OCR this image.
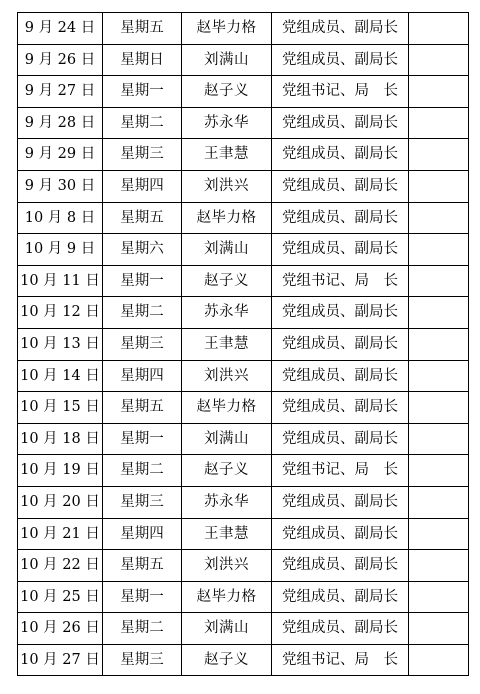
9 月 24 日	星期五	赵毕力格	党组成员、副局长	
9 月 26 日	星期日	刘满山	党组成员、副局长	
9 月 27 日	星期一	赵子义	党组书记、局　长	
9 月 28 日	星期二	苏永华	党组成员、副局长	
9 月 29 日	星期三	王聿慧	党组成员、副局长	
9 月 30 日	星期四	刘洪兴	党组成员、副局长	
10 月 8 日	星期五	赵毕力格	党组成员、副局长	
10 月 9 日	星期六	刘满山	党组成员、副局长	
10 月 11 日	星期一	赵子义	党组书记、局　长	
10 月 12 日	星期二	苏永华	党组成员、副局长	
10 月 13 日	星期三	王聿慧	党组成员、副局长	
10 月 14 日	星期四	刘洪兴	党组成员、副局长	
10 月 15 日	星期五	赵毕力格	党组成员、副局长	
10 月 18 日	星期一	刘满山	党组成员、副局长	
10 月 19 日	星期二	赵子义	党组书记、局　长	
10 月 20 日	星期三	苏永华	党组成员、副局长	
10 月 21 日	星期四	王聿慧	党组成员、副局长	
10 月 22 日	星期五	刘洪兴	党组成员、副局长	
10 月 25 日	星期一	赵毕力格	党组成员、副局长	
10 月 26 日	星期二	刘满山	党组成员、副局长	
10 月 27 日	星期三	赵子义	党组书记、局　长	
